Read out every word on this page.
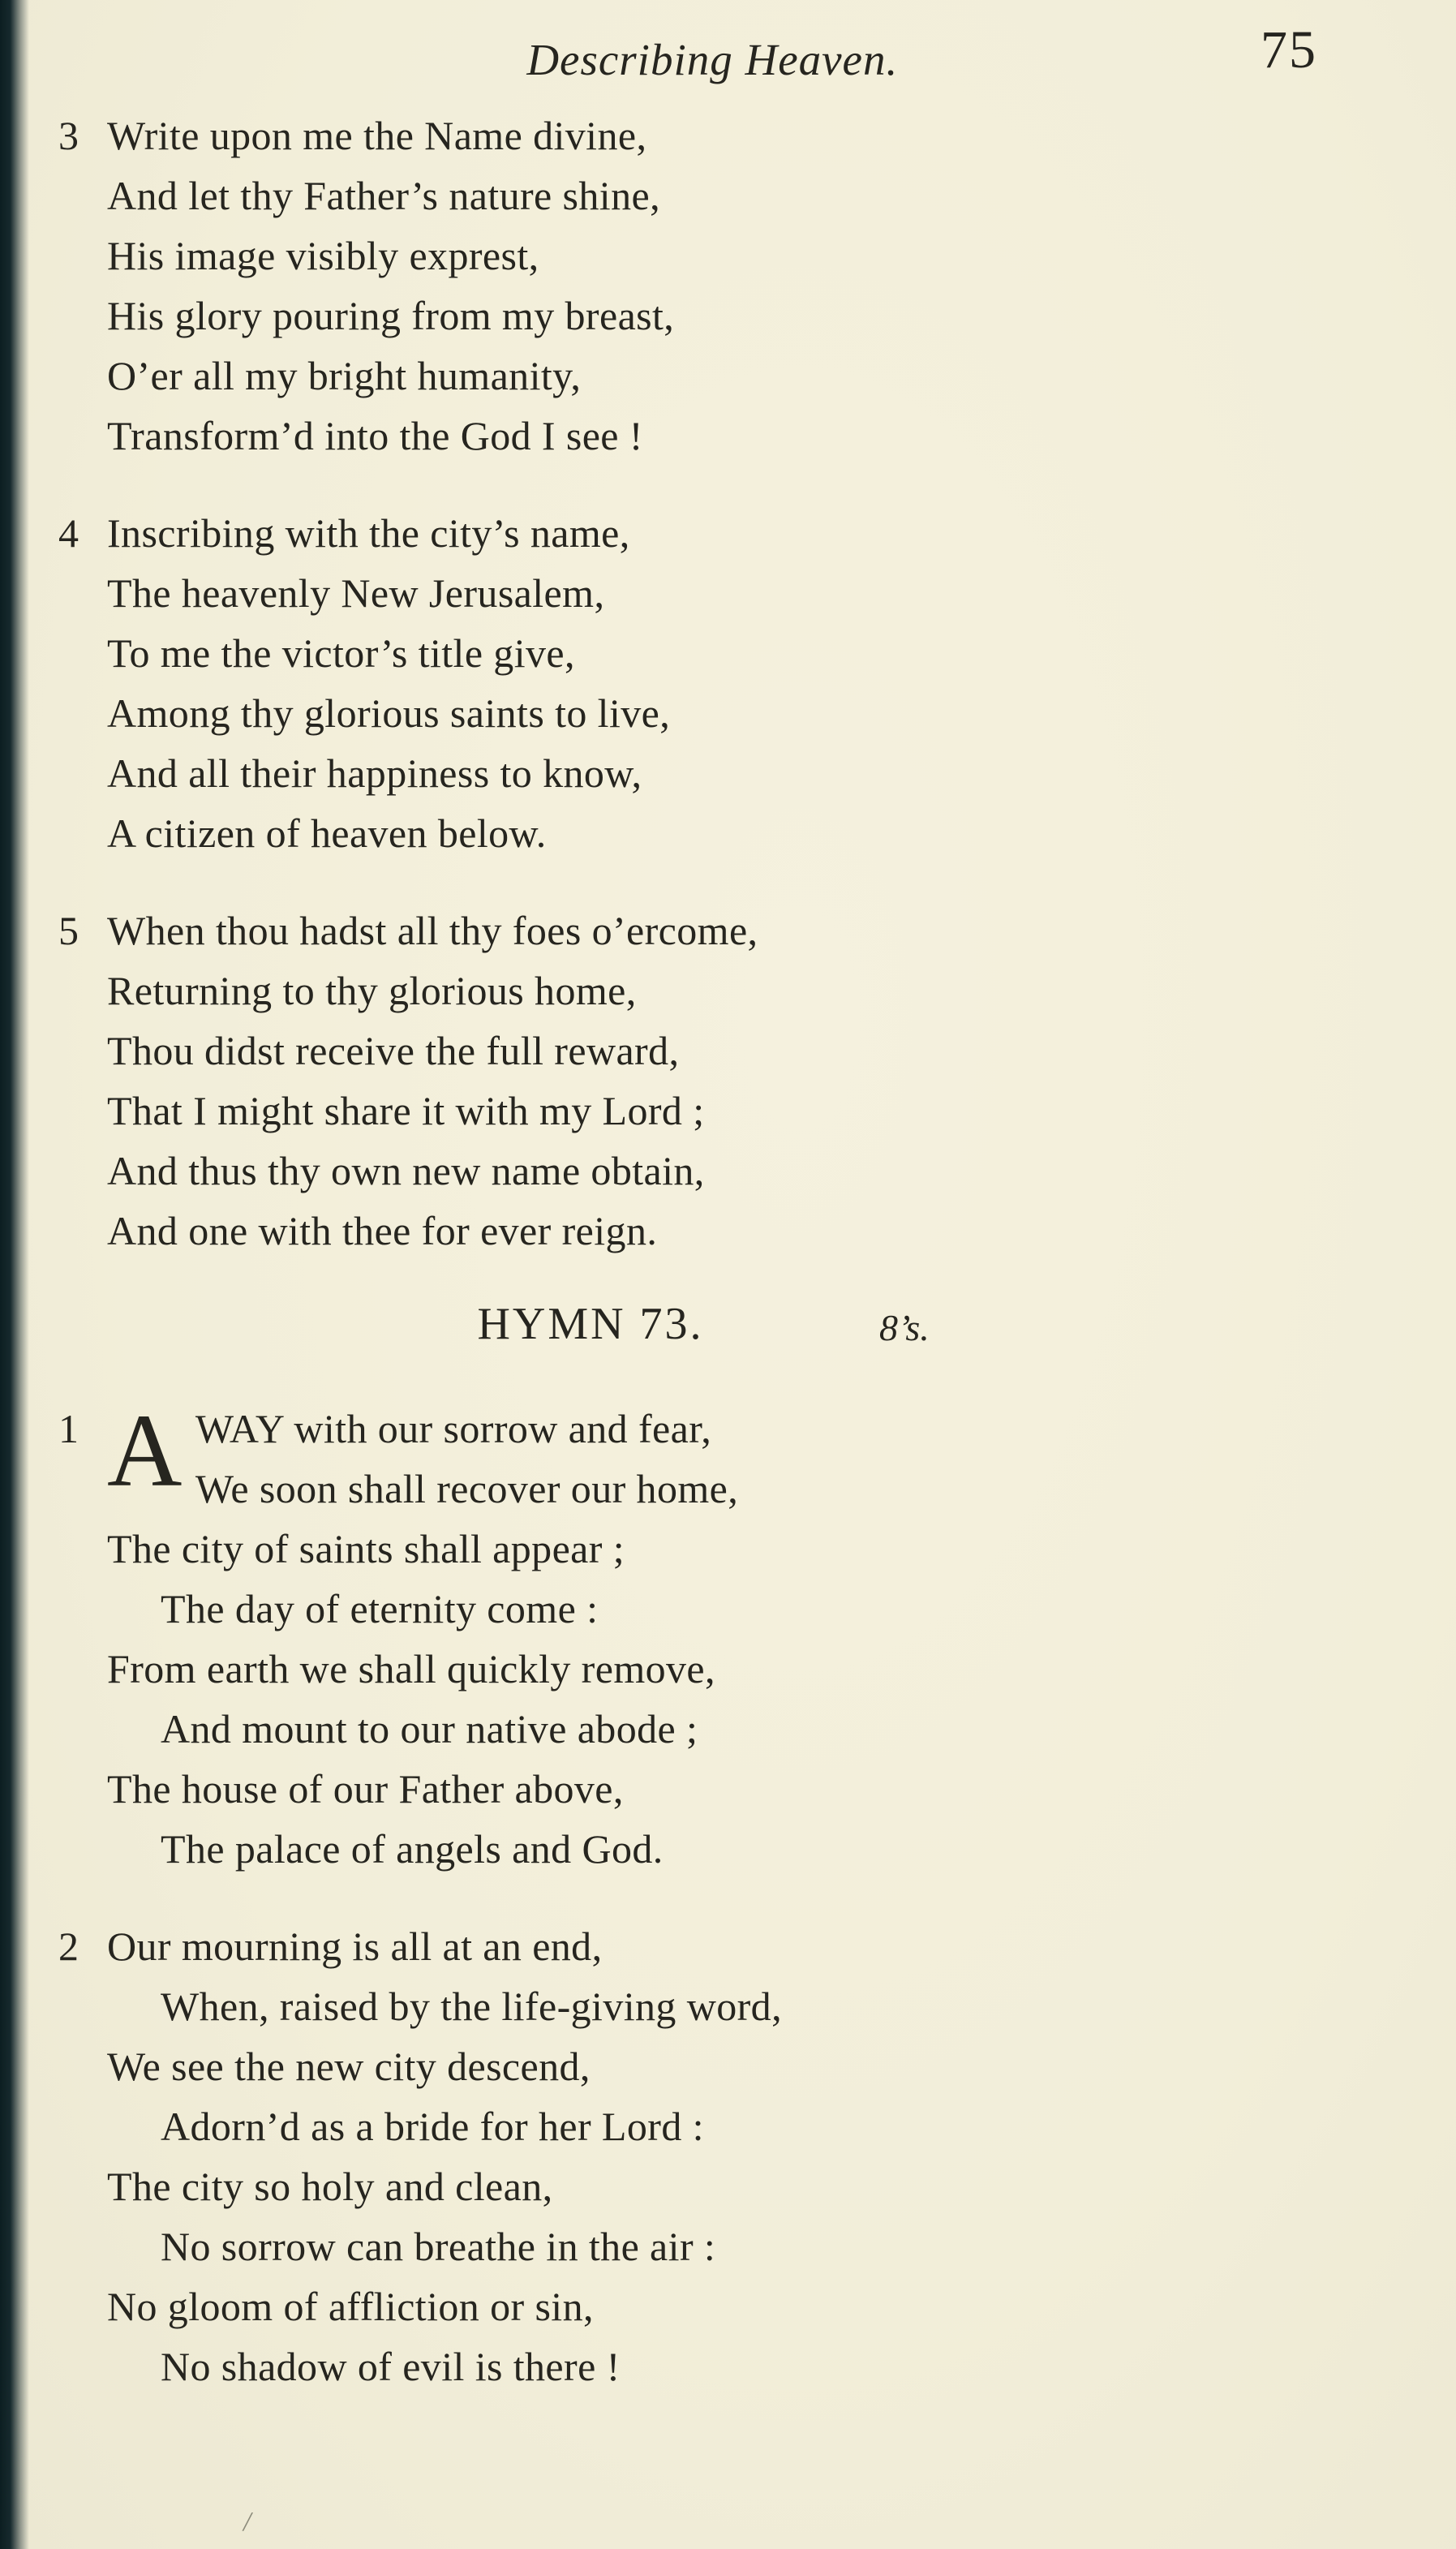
Describing Heaven.	75
3 Write upon me the Name divine,
And let thy Father’s nature shine,
His image visibly exprest,
His glory pouring from my breast,
O’er all my bright humanity,
Transform’d into the God I see !
4 Inscribing with the city’s name,
The heavenly New Jerusalem,
To me the victor’s title give,
Among thy glorious saints to live,
And all their happiness to know,
A citizen of heaven below.
5 When thou hadst all thy foes o’ercome,
Returning to thy glorious home,
Thou didst receive the full reward,
That I might share it with my Lord ;
And thus thy own new name obtain,
And one with thee for ever reign.
HYMN 73.	8’s.
1 A WAY with our sorrow and fear,
We soon shall recover our home,
The city of saints shall appear ;
The day of eternity come :
From earth we shall quickly remove,
And mount to our native abode ;
The house of our Father above,
The palace of angels and God.
2 Our mourning is all at an end,
When, raised by the life-giving word,
We see the new city descend,
Adorn’d as a bride for her Lord :
The city so holy and clean,
No sorrow can breathe in the air :
No gloom of affliction or sin,
No shadow of evil is there !
/
